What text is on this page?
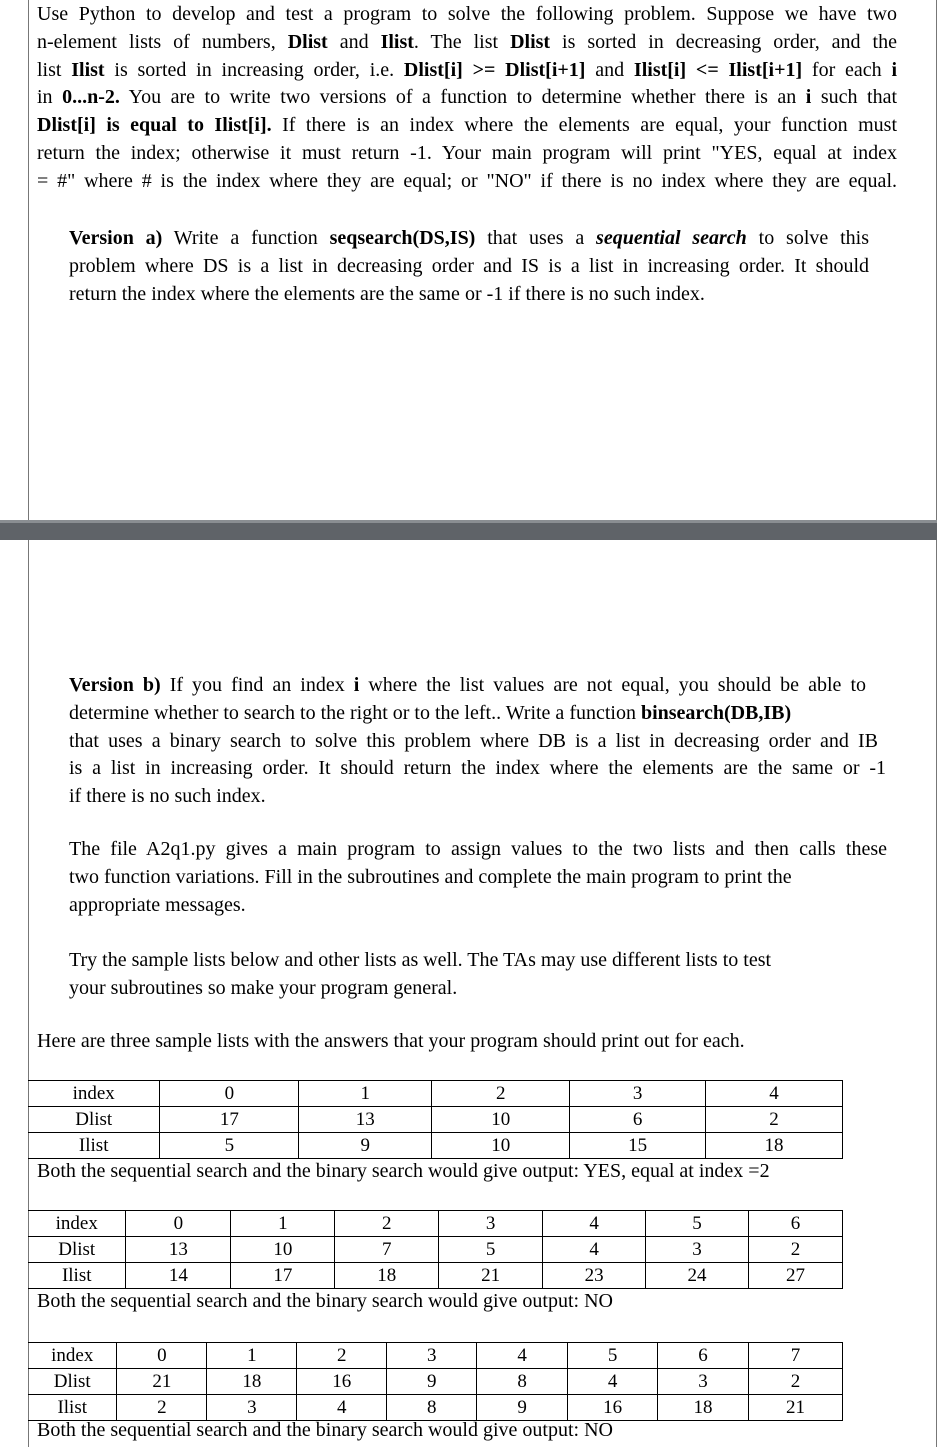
Use Python to develop and test a program to solve the following problem. Suppose we have two
n-element lists of numbers, Dlist and Ilist. The list Dlist is sorted in decreasing order, and the
list Ilist is sorted in increasing order, i.e. Dlist[i] >= Dlist[i+1] and Ilist[i] <= Ilist[i+1] for each i
in 0...n-2. You are to write two versions of a function to determine whether there is an i such that
Dlist[i] is equal to Ilist[i]. If there is an index where the elements are equal, your function must
return the index; otherwise it must return -1. Your main program will print "YES, equal at index
= #" where # is the index where they are equal; or "NO" if there is no index where they are equal.
Version a) Write a function seqsearch(DS,IS) that uses a sequential search to solve this
problem where DS is a list in decreasing order and IS is a list in increasing order. It should
return the index where the elements are the same or -1 if there is no such index.
Version b) If you find an index i where the list values are not equal, you should be able to
determine whether to search to the right or to the left.. Write a function binsearch(DB,IB)
that uses a binary search to solve this problem where DB is a list in decreasing order and IB
is a list in increasing order. It should return the index where the elements are the same or -1
if there is no such index.
The file A2q1.py gives a main program to assign values to the two lists and then calls these
two function variations. Fill in the subroutines and complete the main program to print the
appropriate messages.
Try the sample lists below and other lists as well. The TAs may use different lists to test
your subroutines so make your program general.
Here are three sample lists with the answers that your program should print out for each.
index	0	1	2	3	4
Dlist	17	13	10	6	2
Ilist	5	9	10	15	18
Both the sequential search and the binary search would give output: YES, equal at index =2
index	0	1	2	3	4	5	6
Dlist	13	10	7	5	4	3	2
Ilist	14	17	18	21	23	24	27
Both the sequential search and the binary search would give output: NO
index	0	1	2	3	4	5	6	7
Dlist	21	18	16	9	8	4	3	2
Ilist	2	3	4	8	9	16	18	21
Both the sequential search and the binary search would give output: NO
